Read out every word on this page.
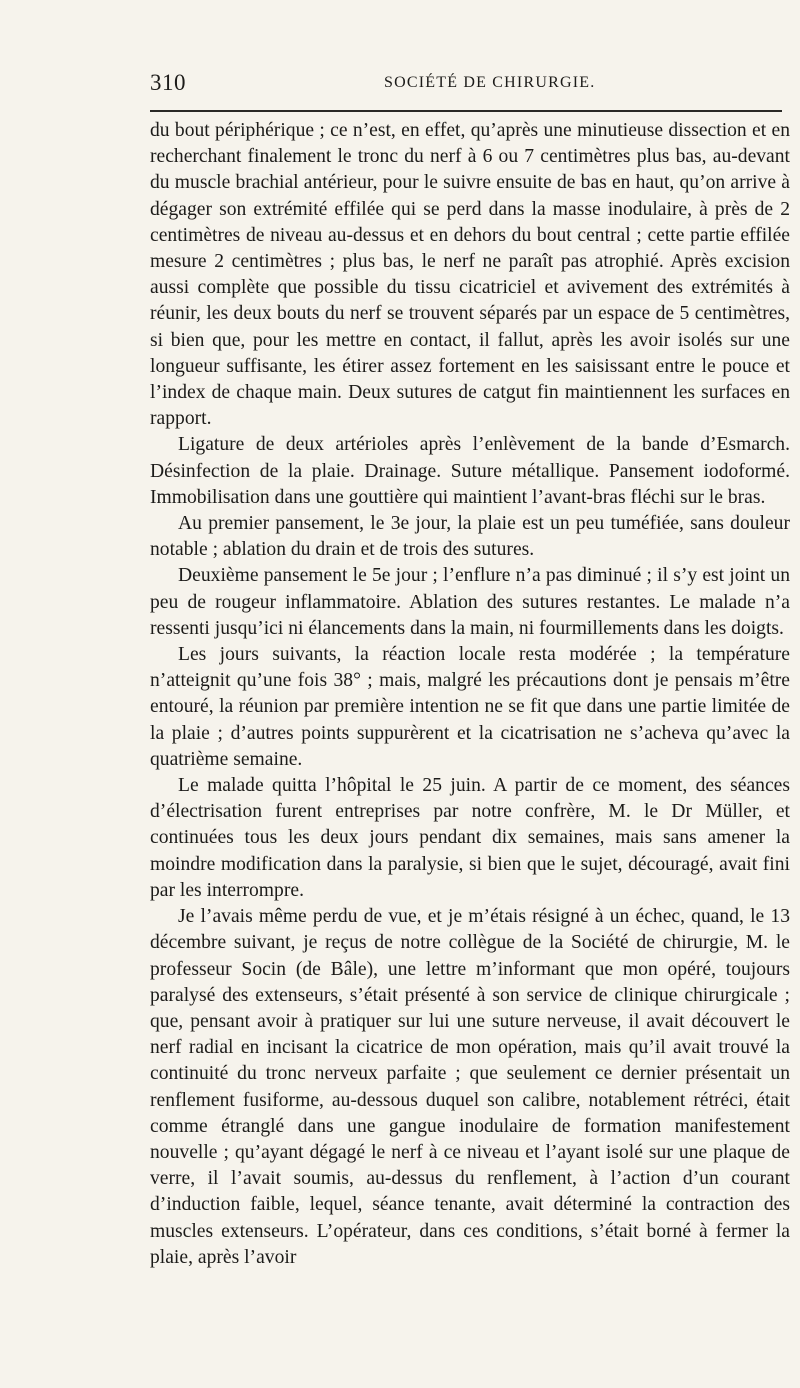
310	SOCIÉTÉ DE CHIRURGIE.

du bout périphérique ; ce n’est, en effet, qu’après une minutieuse dissection et en recherchant finalement le tronc du nerf à 6 ou 7 centimètres plus bas, au-devant du muscle brachial antérieur, pour le suivre ensuite de bas en haut, qu’on arrive à dégager son extrémité effilée qui se perd dans la masse inodulaire, à près de 2 centimètres de niveau au-dessus et en dehors du bout central ; cette partie effilée mesure 2 centimètres ; plus bas, le nerf ne paraît pas atrophié. Après excision aussi complète que possible du tissu cicatriciel et avivement des extrémités à réunir, les deux bouts du nerf se trouvent séparés par un espace de 5 centimètres, si bien que, pour les mettre en contact, il fallut, après les avoir isolés sur une longueur suffisante, les étirer assez fortement en les saisissant entre le pouce et l’index de chaque main. Deux sutures de catgut fin maintiennent les surfaces en rapport.

Ligature de deux artérioles après l’enlèvement de la bande d’Esmarch. Désinfection de la plaie. Drainage. Suture métallique. Pansement iodoformé. Immobilisation dans une gouttière qui maintient l’avant-bras fléchi sur le bras.

Au premier pansement, le 3e jour, la plaie est un peu tuméfiée, sans douleur notable ; ablation du drain et de trois des sutures.

Deuxième pansement le 5e jour ; l’enflure n’a pas diminué ; il s’y est joint un peu de rougeur inflammatoire. Ablation des sutures restantes. Le malade n’a ressenti jusqu’ici ni élancements dans la main, ni fourmillements dans les doigts.

Les jours suivants, la réaction locale resta modérée ; la température n’atteignit qu’une fois 38° ; mais, malgré les précautions dont je pensais m’être entouré, la réunion par première intention ne se fit que dans une partie limitée de la plaie ; d’autres points suppurèrent et la cicatrisation ne s’acheva qu’avec la quatrième semaine.

Le malade quitta l’hôpital le 25 juin. A partir de ce moment, des séances d’électrisation furent entreprises par notre confrère, M. le Dr Müller, et continuées tous les deux jours pendant dix semaines, mais sans amener la moindre modification dans la paralysie, si bien que le sujet, découragé, avait fini par les interrompre.

Je l’avais même perdu de vue, et je m’étais résigné à un échec, quand, le 13 décembre suivant, je reçus de notre collègue de la Société de chirurgie, M. le professeur Socin (de Bâle), une lettre m’informant que mon opéré, toujours paralysé des extenseurs, s’était présenté à son service de clinique chirurgicale ; que, pensant avoir à pratiquer sur lui une suture nerveuse, il avait découvert le nerf radial en incisant la cicatrice de mon opération, mais qu’il avait trouvé la continuité du tronc nerveux parfaite ; que seulement ce dernier présentait un renflement fusiforme, au-dessous duquel son calibre, notablement rétréci, était comme étranglé dans une gangue inodulaire de formation manifestement nouvelle ; qu’ayant dégagé le nerf à ce niveau et l’ayant isolé sur une plaque de verre, il l’avait soumis, au-dessus du renflement, à l’action d’un courant d’induction faible, lequel, séance tenante, avait déterminé la contraction des muscles extenseurs. L’opérateur, dans ces conditions, s’était borné à fermer la plaie, après l’avoir
